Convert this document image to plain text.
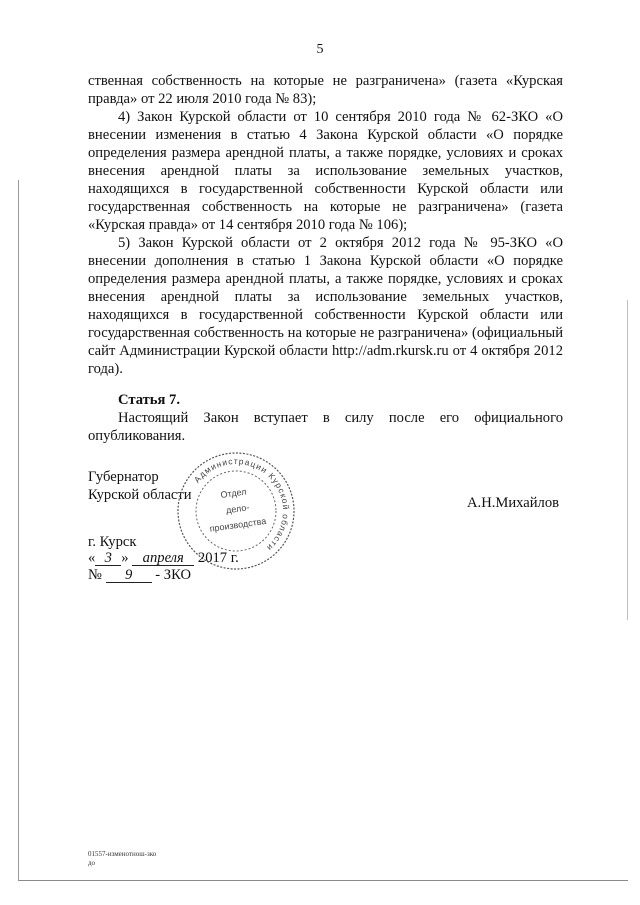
5

ственная собственность на которые не разграничена» (газета «Курская правда» от 22 июля 2010 года № 83);

4) Закон Курской области от 10 сентября 2010 года № 62-ЗКО «О внесении изменения в статью 4 Закона Курской области «О порядке определения размера арендной платы, а также порядке, условиях и сроках внесения арендной платы за использование земельных участков, находящихся в государственной собственности Курской области или государственная собственность на которые не разграничена» (газета «Курская правда» от 14 сентября 2010 года № 106);

5) Закон Курской области от 2 октября 2012 года № 95-ЗКО «О внесении дополнения в статью 1 Закона Курской области «О порядке определения размера арендной платы, а также порядке, условиях и сроках внесения арендной платы за использование земельных участков, находящихся в государственной собственности Курской области или государственная собственность на которые не разграничена» (официальный сайт Администрации Курской области http://adm.rkursk.ru от 4 октября 2012 года).

Статья 7.

Настоящий Закон вступает в силу после его официального опубликования.

Губернатор
Курской области	А.Н.Михайлов
Администрации Курской области
Отдел
дело-
производства
г. Курск
« 3 » апреля 2017 г.
№ 9 - ЗКО
01557-изменотнош-зко
до
